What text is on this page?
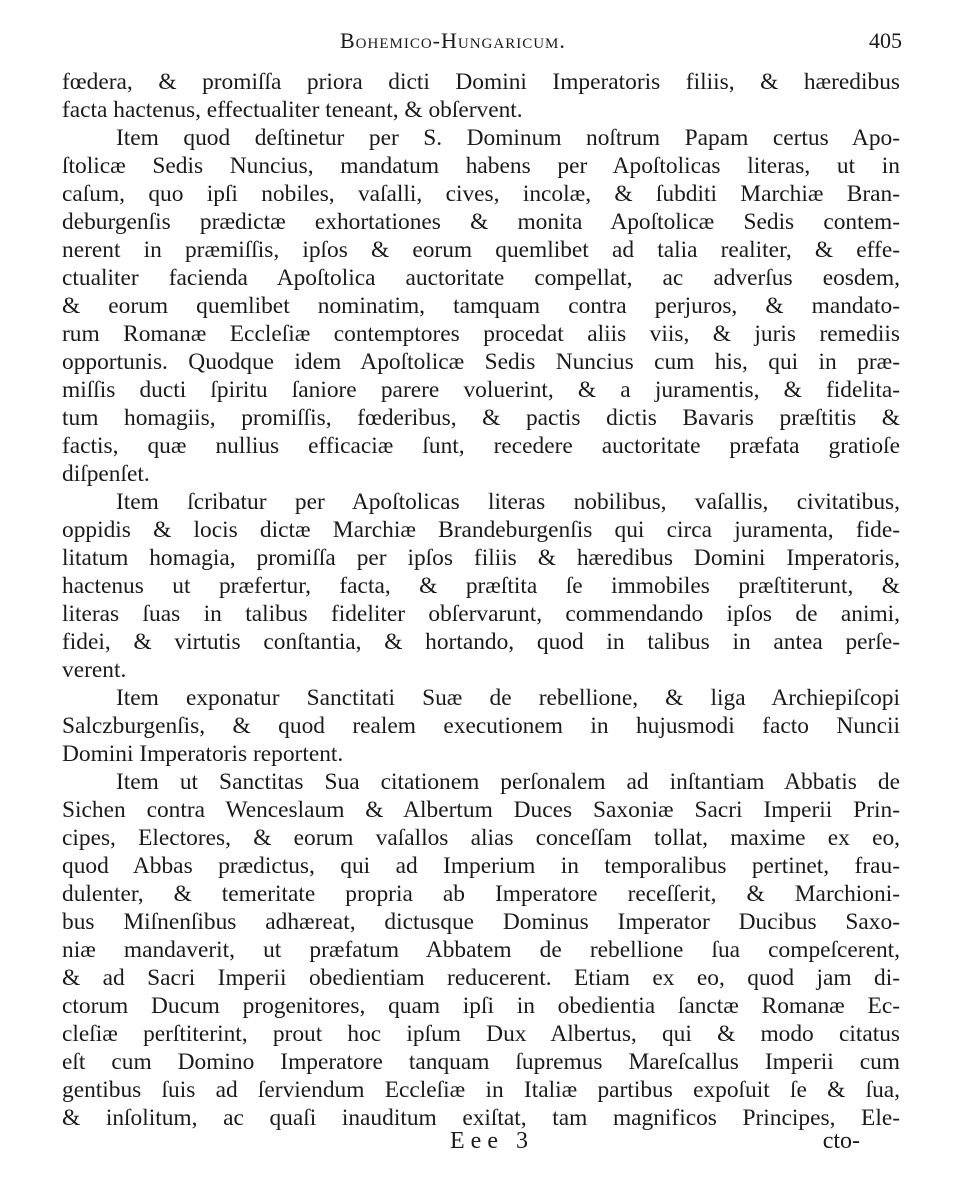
Bohemico-Hungaricum.	405
fœdera, & promiſſa priora dicti Domini Imperatoris filiis, & hæredibus
facta hactenus, effectualiter teneant, & obſervent.
Item quod deſtinetur per S. Dominum noſtrum Papam certus Apo-
ſtolicæ Sedis Nuncius, mandatum habens per Apoſtolicas literas, ut in
caſum, quo ipſi nobiles, vaſalli, cives, incolæ, & ſubditi Marchiæ Bran-
deburgenſis prædictæ exhortationes & monita Apoſtolicæ Sedis contem-
nerent in præmiſſis, ipſos & eorum quemlibet ad talia realiter, & effe-
ctualiter facienda Apoſtolica auctoritate compellat, ac adverſus eosdem,
& eorum quemlibet nominatim, tamquam contra perjuros, & mandato-
rum Romanæ Eccleſiæ contemptores procedat aliis viis, & juris remediis
opportunis. Quodque idem Apoſtolicæ Sedis Nuncius cum his, qui in præ-
miſſis ducti ſpiritu ſaniore parere voluerint, & a juramentis, & fidelita-
tum homagiis, promiſſis, fœderibus, & pactis dictis Bavaris præſtitis &
factis, quæ nullius efficaciæ ſunt, recedere auctoritate præfata gratioſe
diſpenſet.
Item ſcribatur per Apoſtolicas literas nobilibus, vaſallis, civitatibus,
oppidis & locis dictæ Marchiæ Brandeburgenſis qui circa juramenta, fide-
litatum homagia, promiſſa per ipſos filiis & hæredibus Domini Imperatoris,
hactenus ut præfertur, facta, & præſtita ſe immobiles præſtiterunt, &
literas ſuas in talibus fideliter obſervarunt, commendando ipſos de animi,
fidei, & virtutis conſtantia, & hortando, quod in talibus in antea perſe-
verent.
Item exponatur Sanctitati Suæ de rebellione, & liga Archiepiſcopi
Salczburgenſis, & quod realem executionem in hujusmodi facto Nuncii
Domini Imperatoris reportent.
Item ut Sanctitas Sua citationem perſonalem ad inſtantiam Abbatis de
Sichen contra Wenceslaum & Albertum Duces Saxoniæ Sacri Imperii Prin-
cipes, Electores, & eorum vaſallos alias conceſſam tollat, maxime ex eo,
quod Abbas prædictus, qui ad Imperium in temporalibus pertinet, frau-
dulenter, & temeritate propria ab Imperatore receſſerit, & Marchioni-
bus Miſnenſibus adhæreat, dictusque Dominus Imperator Ducibus Saxo-
niæ mandaverit, ut præfatum Abbatem de rebellione ſua compeſcerent,
& ad Sacri Imperii obedientiam reducerent. Etiam ex eo, quod jam di-
ctorum Ducum progenitores, quam ipſi in obedientia ſanctæ Romanæ Ec-
cleſiæ perſtiterint, prout hoc ipſum Dux Albertus, qui & modo citatus
eſt cum Domino Imperatore tanquam ſupremus Mareſcallus Imperii cum
gentibus ſuis ad ſerviendum Eccleſiæ in Italiæ partibus expoſuit ſe & ſua,
& inſolitum, ac quaſi inauditum exiſtat, tam magnificos Principes, Ele-
Eee 3	cto-
